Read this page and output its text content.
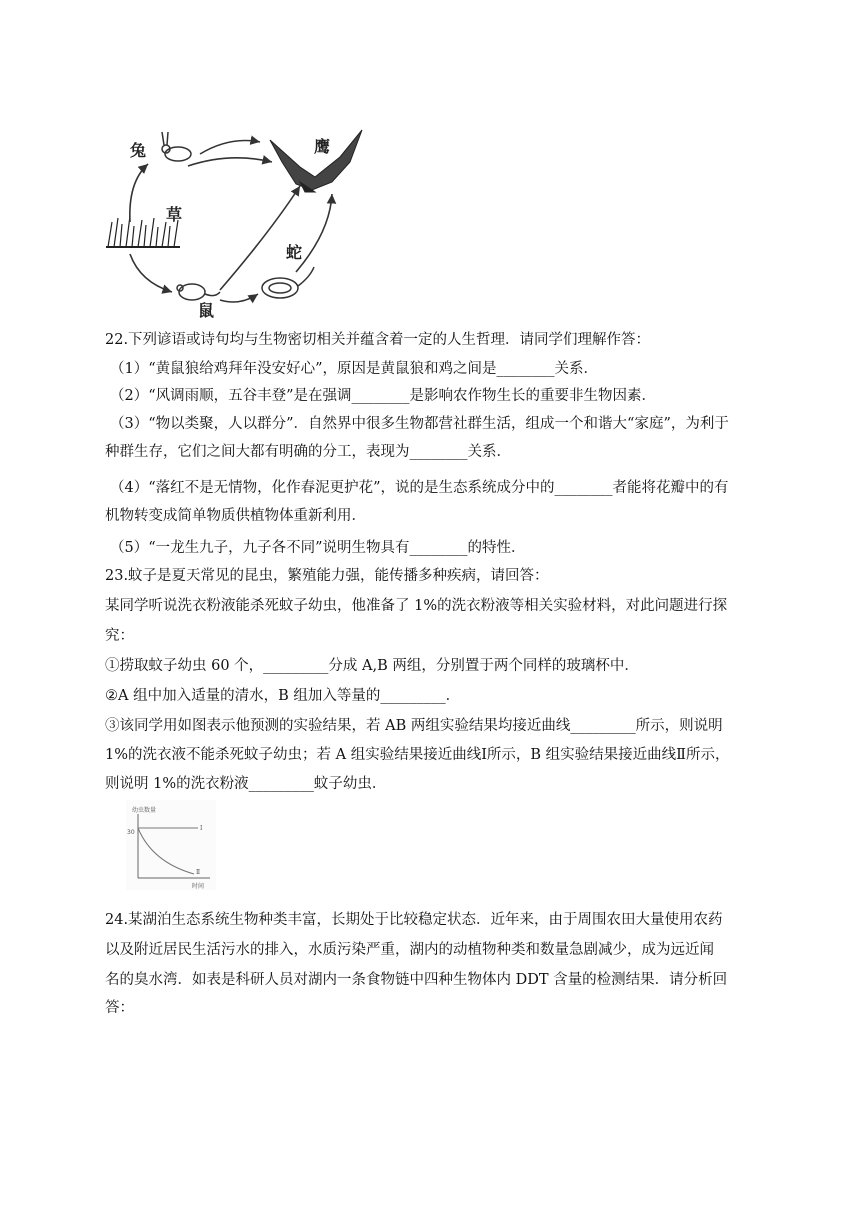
兔	鹰
草
蛇
鼠
22.下列谚语或诗句均与生物密切相关并蕴含着一定的人生哲理．请同学们理解作答：
（1）“黄鼠狼给鸡拜年没安好心”，原因是黄鼠狼和鸡之间是________关系．
（2）“风调雨顺，五谷丰登”是在强调________是影响农作物生长的重要非生物因素．
（3）“物以类聚，人以群分”．自然界中很多生物都营社群生活，组成一个和谐大“家庭”，为利于
种群生存，它们之间大都有明确的分工，表现为________关系．
（4）“落红不是无情物，化作春泥更护花”，说的是生态系统成分中的________者能将花瓣中的有
机物转变成简单物质供植物体重新利用．
（5）“一龙生九子，九子各不同”说明生物具有________的特性．
23.蚊子是夏天常见的昆虫，繁殖能力强，能传播多种疾病，请回答：
某同学听说洗衣粉液能杀死蚊子幼虫，他准备了 1%的洗衣粉液等相关实验材料，对此问题进行探
究：
①捞取蚊子幼虫 60 个，_________分成 A,B 两组，分别置于两个同样的玻璃杯中．
②A 组中加入适量的清水，B 组加入等量的_________．
③该同学用如图表示他预测的实验结果，若 AB 两组实验结果均接近曲线_________所示，则说明
1%的洗衣液不能杀死蚊子幼虫；若 A 组实验结果接近曲线Ⅰ所示，B 组实验结果接近曲线Ⅱ所示，
则说明 1%的洗衣粉液_________蚊子幼虫．
幼虫数量
30
Ⅰ
Ⅱ
时间
24.某湖泊生态系统生物种类丰富，长期处于比较稳定状态．近年来，由于周围农田大量使用农药
以及附近居民生活污水的排入，水质污染严重，湖内的动植物种类和数量急剧减少，成为远近闻
名的臭水湾．如表是科研人员对湖内一条食物链中四种生物体内 DDT 含量的检测结果．请分析回
答：
